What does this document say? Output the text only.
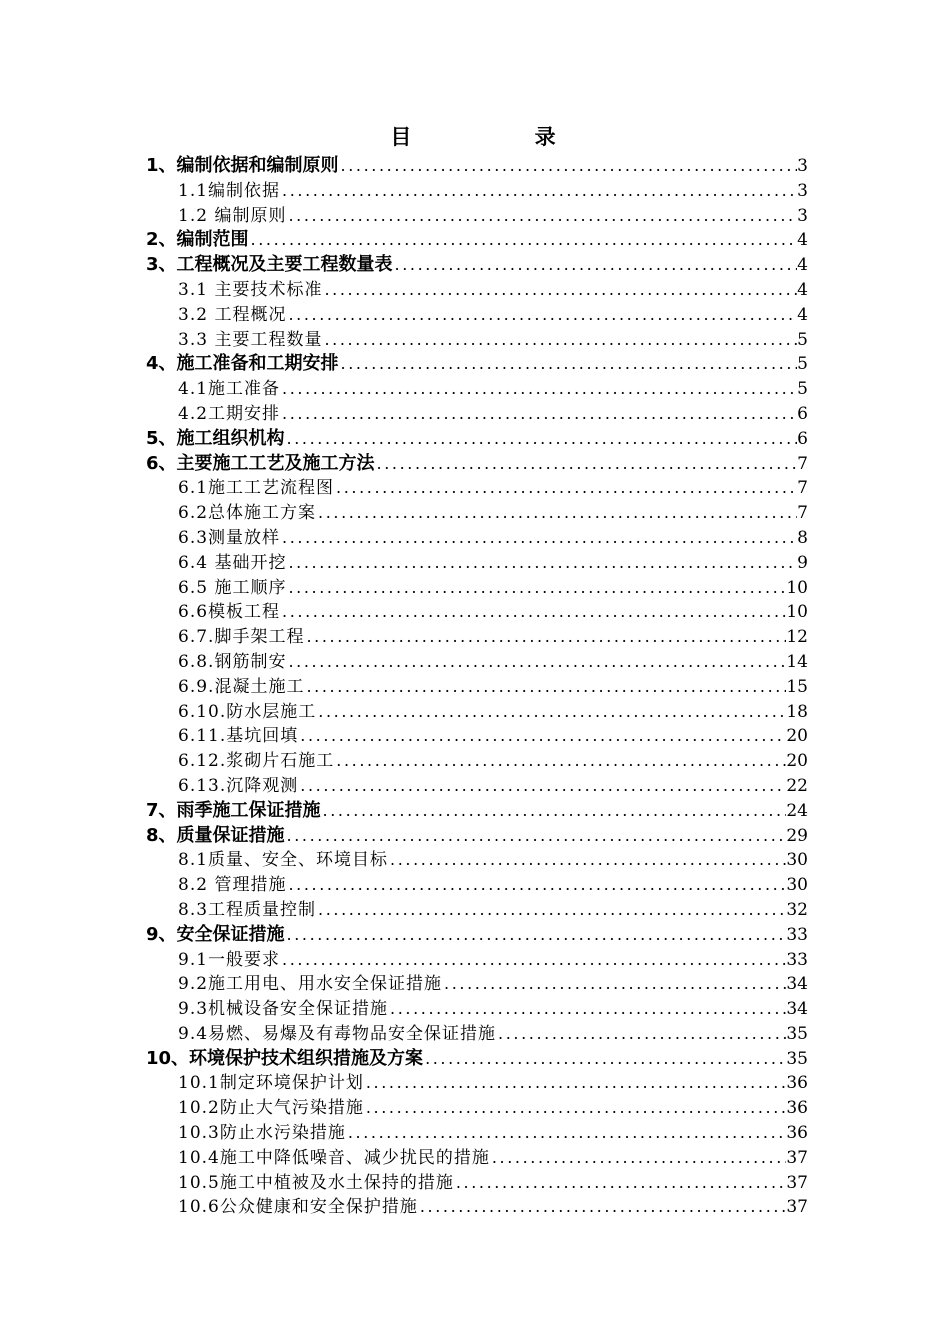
目 录
1、编制依据和编制原则 .....	3
1.1编制依据 .....	3
1.2 编制原则 .....	3
2、编制范围 .....	4
3、工程概况及主要工程数量表 .....	4
3.1 主要技术标准 .....	4
3.2 工程概况 .....	4
3.3 主要工程数量 .....	5
4、施工准备和工期安排 .....	5
4.1施工准备 .....	5
4.2工期安排 .....	6
5、施工组织机构 .....	6
6、主要施工工艺及施工方法 .....	7
6.1施工工艺流程图 .....	7
6.2总体施工方案 .....	7
6.3测量放样 .....	8
6.4 基础开挖 .....	9
6.5 施工顺序 .....	10
6.6模板工程 .....	10
6.7.脚手架工程 .....	12
6.8.钢筋制安 .....	14
6.9.混凝土施工 .....	15
6.10.防水层施工 .....	18
6.11.基坑回填 .....	20
6.12.浆砌片石施工 .....	20
6.13.沉降观测 .....	22
7、雨季施工保证措施 .....	24
8、质量保证措施 .....	29
8.1质量、安全、环境目标 .....	30
8.2 管理措施 .....	30
8.3工程质量控制 .....	32
9、安全保证措施 .....	33
9.1一般要求 .....	33
9.2施工用电、用水安全保证措施 .....	34
9.3机械设备安全保证措施 .....	34
9.4易燃、易爆及有毒物品安全保证措施 .....	35
10、环境保护技术组织措施及方案 .....	35
10.1制定环境保护计划 .....	36
10.2防止大气污染措施 .....	36
10.3防止水污染措施 .....	36
10.4施工中降低噪音、减少扰民的措施 .....	37
10.5施工中植被及水土保持的措施 .....	37
10.6公众健康和安全保护措施 .....	37
